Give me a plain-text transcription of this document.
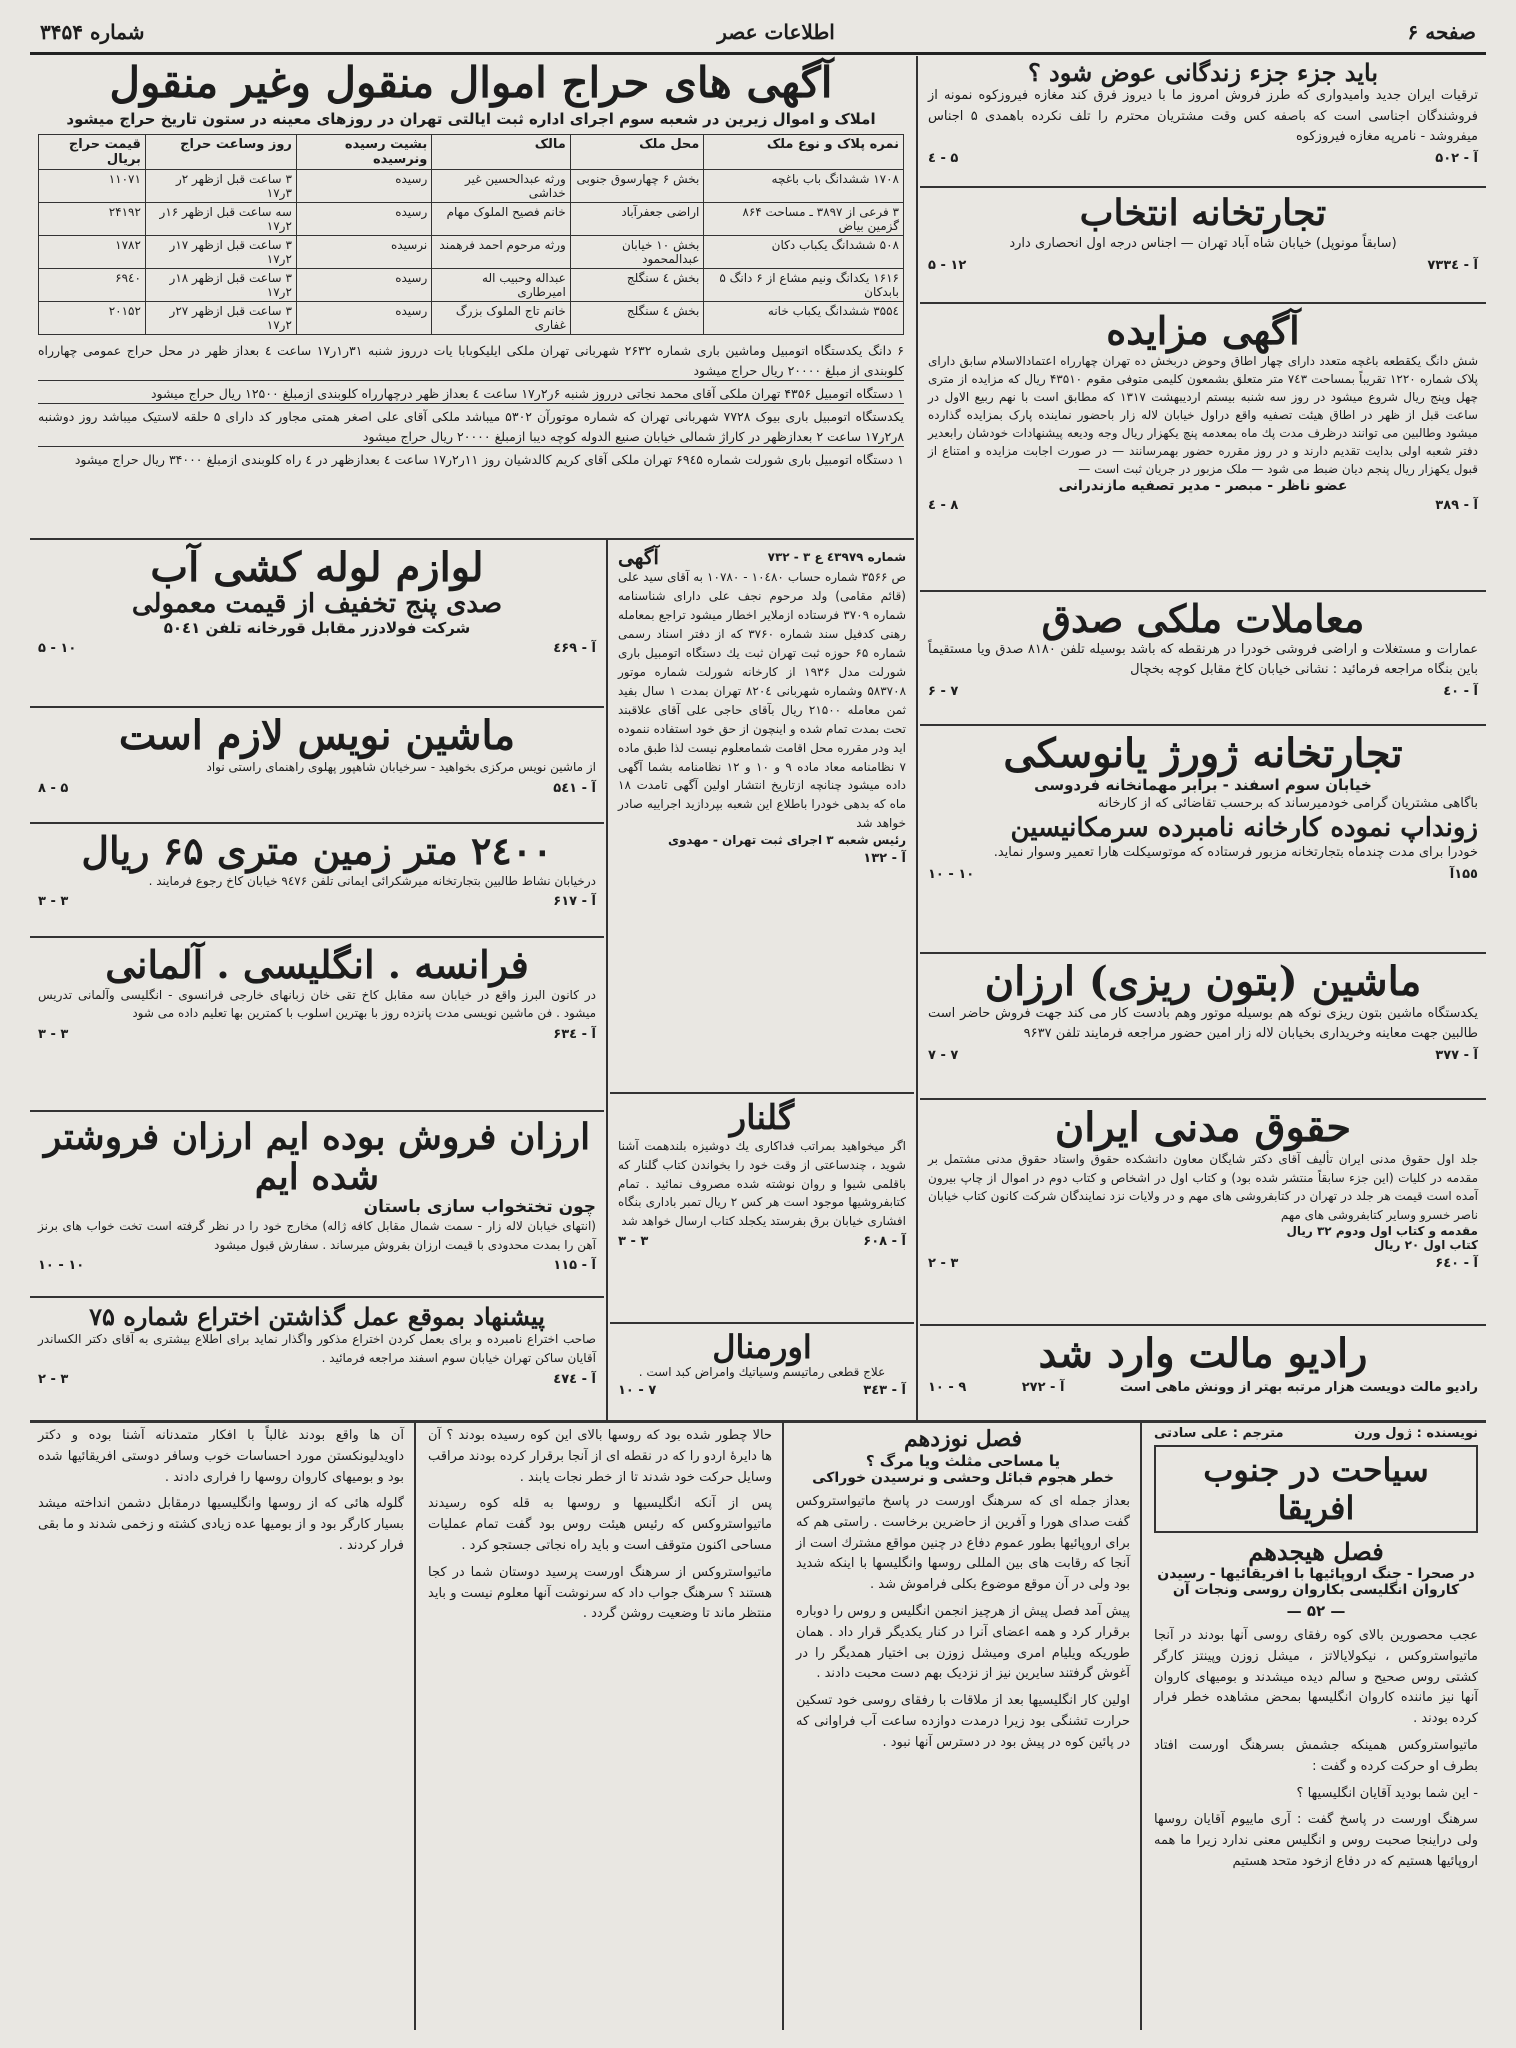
صفحه ۶
اطلاعات عصر
شماره ۳۴۵۴
آگهی های حراج اموال منقول وغیر منقول
املاک و اموال زیرین در شعبه سوم اجرای اداره ثبت ایالتی تهران در روزهای معینه در ستون تاریخ حراج میشود
نمره پلاک و نوع ملک	محل ملک	مالک	بشیت رسیده ونرسیده	روز وساعت حراج	قیمت حراج بریال
۱۷۰۸ ششدانگ باب باغچه	بخش ۶ چهارسوق جنوبی	ورثه عبدالحسین غیر خداشی	رسیده	۳ ساعت قبل ازظهر ۲ر ۳ر۱۷	۱۱۰۷۱
۳ فرعی از ۳۸۹۷ ـ مساحت ۸۶۴ گزمین بیاض	اراضی جعفرآباد	خانم فصیح الملوک مهام	رسیده	سه ساعت قبل ازظهر ۱۶ر ۲ر۱۷	۲۴۱۹۲
۵۰۸ ششدانگ یکباب دکان	بخش ۱۰ خیابان عبدالمحمود	ورثه مرحوم احمد فرهمند	نرسیده	۳ ساعت قبل ازظهر ۱۷ر ۲ر۱۷	۱۷۸۲
۱۶۱۶ یکدانگ ونیم مشاع از ۶ دانگ ۵ بابدکان	بخش ٤ سنگلج	عبداله وحبیب اله امیرطاری	رسیده	۳ ساعت قبل ازظهر ۱۸ر ۲ر۱۷	۶۹٤۰
۳۵۵٤ ششدانگ یکباب خانه	بخش ٤ سنگلج	خانم تاج الملوک بزرگ غفاری	رسیده	۳ ساعت قبل ازظهر ۲۷ر ۲ر۱۷	۲۰۱۵۲
۶ دانگ یکدستگاه اتومبیل وماشین باری شماره ۲۶۳۲ شهربانی تهران ملکی ایلیکوبابا یات درروز شنبه ۳۱ر۱ر۱۷ ساعت ٤ بعداز ظهر در محل حراج عمومی چهارراه کلوبندی از مبلغ ۲۰۰۰۰ ریال حراج میشود
۱ دستگاه اتومبیل ۴۳۵۶ تهران ملکی آقای محمد نجاتی درروز شنبه ۶ر۲ر۱۷ ساعت ٤ بعداز ظهر درچهارراه کلوبندی ازمبلغ ۱۲۵۰۰ ریال حراج میشود
یکدستگاه اتومبیل باری بیوک ۷۷۲۸ شهربانی تهران که شماره موتورآن ۵۳۰۲ میباشد ملکی آقای علی اصغر همتی مجاور کد دارای ۵ حلقه لاستیک میباشد روز دوشنبه ۸ر۲ر۱۷ ساعت ۲ بعدازظهر در کاراژ شمالی خیابان صنیع الدوله کوچه دیبا ازمبلغ ۲۰۰۰۰ ریال حراج میشود
۱ دستگاه اتومبیل باری شورلت شماره ۶۹٤۵ تهران ملکی آقای کریم کالدشیان روز ۱۱ر۲ر۱۷ ساعت ٤ بعدازظهر در ٤ راه کلوبندی ازمبلغ ۳۴۰۰۰ ریال حراج میشود
باید جزء جزء زندگانی عوض شود ؟
ترقیات ایران جدید وامیدواری که طرز فروش امروز ما با دیروز فرق کند مغازه فیروزکوه نمونه از فروشندگان اجناسی است که باصفه کس وقت مشتریان محترم را تلف نکرده باهمدی ۵ اجناس میفروشد - نامرپه مغازه فیروزکوه
آ - ۵۰۲
۵ - ٤
تجارتخانه انتخاب
(سابقاً مونوپل) خیابان شاه آباد تهران — اجناس درجه اول انحصاری دارد
آ - ۷۳۳٤
۱۲ - ۵
آگهی مزایده
شش دانگ یکقطعه باغچه متعدد دارای چهار اطاق وحوض دربخش ده تهران چهارراه اعتمادالاسلام سابق دارای پلاک شماره ۱۲۲۰ تقریباً بمساحت ۷٤۳ متر متعلق بشمعون کلیمی متوفی مقوم ۴۳۵۱۰ ریال که مزایده از متری چهل وپنج ریال شروع میشود در روز سه شنبه بیستم اردیبهشت ۱۳۱۷ که مطابق است با نهم ربیع الاول در ساعت قبل از ظهر در اطاق هیئت تصفیه واقع دراول خیابان لاله زار باحضور نماینده پارک بمزایده گذارده میشود وطالبین می توانند درظرف مدت پك ماه بمعدمه پنچ یکهزار ریال وجه ودیعه پیشنهادات خودشان رابعدیر دفتر شعبه اولی بدایت تقدیم دارند و در روز مقرره حضور بهمرسانند — در صورت اجابت مزایده و امتناع از قبول یکهزار ریال پنجم دیان ضبط می شود — ملک مزبور در جریان ثبت است —
عضو ناظر - مبصر - مدیر تصفیه مازندرانی
آ - ۳۸۹
۸ - ٤
معاملات ملکی صدق
عمارات و مستغلات و اراضی فروشی خودرا در هرنقطه که باشد بوسیله تلفن ۸۱۸۰ صدق ویا مستقیماً باین بنگاه مراجعه فرمائید : نشانی خیابان کاخ مقابل کوچه بخچال
آ - ٤۰
۷ - ۶
تجارتخانه ژورژ یانوسکی
خیابان سوم اسفند - برابر مهمانخانه فردوسی
باگاهی مشتریان گرامی خودمیرساند که برحسب تقاضائی که از کارخانه
زونداپ نموده کارخانه نامبرده سرمکانیسین
خودرا برای مدت چندماه بتجارتخانه مزبور فرستاده که موتوسیکلت هارا تعمیر وسوار نماید.
۱۵٥آ
۱۰ - ۱۰
ماشین (بتون ریزی) ارزان
یکدستگاه ماشین بتون ریزی نوکه هم بوسیله موتور وهم بادست کار می کند جهت فروش حاضر است طالبین جهت معاینه وخریداری بخیابان لاله زار امین حضور مراجعه فرمایند تلفن ۹۶۳۷
آ - ۳۷۷
۷ - ۷
حقوق مدنی ایران
جلد اول حقوق مدنی ایران تألیف آقای دکتر شایگان معاون دانشکده حقوق واستاد حقوق مدنی مشتمل بر مقدمه در کلیات (این جزء سابقاً منتشر شده بود) و کتاب اول در اشخاص و کتاب دوم در اموال از چاپ بیرون آمده است قیمت هر جلد در تهران در کتابفروشی های مهم و در ولایات نزد نمایندگان شرکت کانون کتاب خیابان ناصر خسرو وسایر کتابفروشی های مهم
مقدمه و کتاب اول ودوم ۳۲ ریال
کتاب اول ۲۰ ریال
آ - ۶٤۰
۳ - ۲
رادیو مالت وارد شد
رادیو مالت دویست هزار مرتبه بهتر از وونش ماهی است
آ - ۲۷۲
۹ - ۱۰
شماره ٤۳۹۷۹ ع ۳ - ۷۳۲
آگهی
ص ۳۵۶۶ شماره حساب ۱۰٤۸۰ - ۱۰۷۸۰ به آقای سید علی (قائم مقامی) ولد مرحوم نجف علی دارای شناسنامه شماره ۳۷۰۹ فرستاده ازملایر اخطار میشود تراجع بمعامله رهنی کدفیل سند شماره ۳۷۶۰ که از دفتر اسناد رسمی شماره ۶۵ حوزه ثبت تهران ثبت یك دستگاه اتومبیل باری شورلت مدل ۱۹۳۶ از کارخانه شورلت شماره موتور ۵۸۳۷۰۸ وشماره شهربانی ۸۲۰٤ تهران بمدت ۱ سال بفید ثمن معامله ۲۱۵۰۰ ریال بآقای حاجی علی آقای علاقبند تحت بمدت تمام شده و اینچون از حق خود استفاده ننموده اید ودر مقرره محل اقامت شمامعلوم نیست لذا طبق ماده ۷ نظامنامه معاد ماده ۹ و ۱۰ و ۱۲ نظامنامه بشما آگهی داده میشود چنانچه ازتاریخ انتشار اولین آگهی تامدت ۱۸ ماه که بدهی خودرا باطلاع این شعبه بپردازید اجراییه صادر خواهد شد
رئیس شعبه ۳ اجرای ثبت تهران - مهدوی
آ - ۱۳۲
گلنار
اگر میخواهید بمراتب فداکاری یك دوشیزه بلندهمت آشنا شوید ، چندساعتی از وقت خود را بخواندن کتاب گلنار که باقلمی شیوا و روان نوشته شده مصروف نمائید . تمام کتابفروشیها موجود است هر کس ۲ ریال تمبر باداری بنگاه افشاری خیابان برق بفرستد یکجلد کتاب ارسال خواهد شد
آ - ۶۰۸
۳ - ۳
اورمنال
علاج قطعی رماتیسم وسیاتیك وامراض کبد است .
آ - ۳٤۳
۷ - ۱۰
لوازم لوله کشی آب
صدی پنج تخفیف از قیمت معمولی
شرکت فولادزر مقابل قورخانه تلفن ۵۰٤۱
آ - ٤۶۹
۱۰ - ۵
ماشین نویس لازم است
از ماشین نویس مرکزی بخواهید - سرخیابان شاهپور پهلوی راهنمای راستی نواد
آ - ۵٤۱
۵ - ۸
۲٤۰۰ متر زمین متری ۶۵ ریال
درخیابان نشاط طالبین بتجارتخانه میرشکرائی ایمانی تلفن ۹٤۷۶ خیابان کاخ رجوع فرمایند .
آ - ۶۱۷
۳ - ۳
فرانسه . انگلیسی . آلمانی
در کانون البرز واقع در خیابان سه مقابل کاخ تقی خان زبانهای خارجی فرانسوی - انگلیسی وآلمانی تدریس میشود . فن ماشین نویسی مدت پانزده روز با بهترین اسلوب با کمترین بها تعلیم داده می شود
آ - ۶۳٤
۳ - ۳
ارزان فروش بوده ایم ارزان فروشتر شده ایم
چون تختخواب سازی باستان
(انتهای خیابان لاله زار - سمت شمال مقابل کافه ژاله) مخارج خود را در نظر گرفته است تخت خواب های برنز آهن را بمدت محدودی با قیمت ارزان بفروش میرساند . سفارش قبول میشود
آ - ۱۱۵
۱۰ - ۱۰
پیشنهاد بموقع عمل گذاشتن اختراع شماره ۷۵
صاحب اختراع نامبرده و برای بعمل کردن اختراع مذکور واگذار نماید برای اطلاع بیشتری به آقای دکتر الکساندر آقایان ساکن تهران خیابان سوم اسفند مراجعه فرمائید .
آ - ٤۷٤
۳ - ۲
نویسنده : ژول ورن
مترجم : علی سادتی
سیاحت در جنوب افریقا
فصل هیجدهم
در صحرا - جنگ اروپائیها با افریقائیها - رسیدن کاروان انگلیسی بکاروان روسی ونجات آن
— ۵۲ —

عجب محصورین بالای کوه رفقای روسی آنها بودند در آنجا ماتیواستروکس ، نیکولایالاتز ، میشل زوزن وپینتز کارگر کشتی روس صحیح و سالم دیده میشدند و بومیهای کاروان آنها نیز ماننده کاروان انگلیسها بمحض مشاهده خطر فرار کرده بودند .

ماتیواستروکس همینکه جشمش بسرهنگ اورست افتاد بطرف او حرکت کرده و گفت :

- این شما بودید آقایان انگلیسیها ؟

سرهنگ اورست در پاسخ گفت : آری ماییوم آقایان روسها ولی دراینجا صحبت روس و انگلیس معنی ندارد زیرا ما همه اروپائیها هستیم که در دفاع ازخود متحد هستیم

فصل نوزدهم
یا مساحی مثلث ویا مرگ ؟
خطر هجوم قبائل وحشی و نرسیدن خوراکی

بعداز جمله ای که سرهنگ اورست در پاسخ ماتیواستروکس گفت صدای هورا و آفرین از حاضرین برخاست . راستی هم که برای اروپائیها بطور عموم دفاع در چنین مواقع مشترك است از آنجا که رقابت های بین المللی روسها وانگلیسها با اینکه شدید بود ولی در آن موقع موضوع بکلی فراموش شد .

پیش آمد فصل پیش از هرچیز انجمن انگلیس و روس را دوباره برقرار کرد و همه اعضای آنرا در کنار یکدیگر قرار داد . همان طوریکه ویلیام امری ومیشل زوزن بی اختیار همدیگر را در آغوش گرفتند سایرین نیز از نزدیک بهم دست محبت دادند .

اولین کار انگلیسیها بعد از ملاقات با رفقای روسی خود تسکین حرارت تشنگی بود زیرا درمدت دوازده ساعت آب فراوانی که در پائین کوه در پیش بود در دسترس آنها نبود .

حالا چطور شده بود که روسها بالای این کوه رسیده بودند ؟ آن ها دایرهٔ اردو را که در نقطه ای از آنجا برقرار کرده بودند مراقب وسایل حرکت خود شدند تا از خطر نجات یابند .

پس از آنکه انگلیسیها و روسها به قله کوه رسیدند ماتیواستروکس که رئیس هیئت روس بود گفت تمام عملیات مساحی اکنون متوقف است و باید راه نجاتی جستجو کرد .

ماتیواستروکس از سرهنگ اورست پرسید دوستان شما در کجا هستند ؟ سرهنگ جواب داد که سرنوشت آنها معلوم نیست و باید منتظر ماند تا وضعیت روشن گردد .

آن ها واقع بودند غالباً با افکار متمدنانه آشنا بوده و دکتر داویدلیونکستن مورد احساسات خوب وسافر دوستی افریقائیها شده بود و بومیهای کاروان روسها را فراری دادند .

گلوله هائی که از روسها وانگلیسیها درمقابل دشمن انداخته میشد بسیار کارگر بود و از بومیها عده زیادی کشته و زخمی شدند و ما بقی فرار کردند .
